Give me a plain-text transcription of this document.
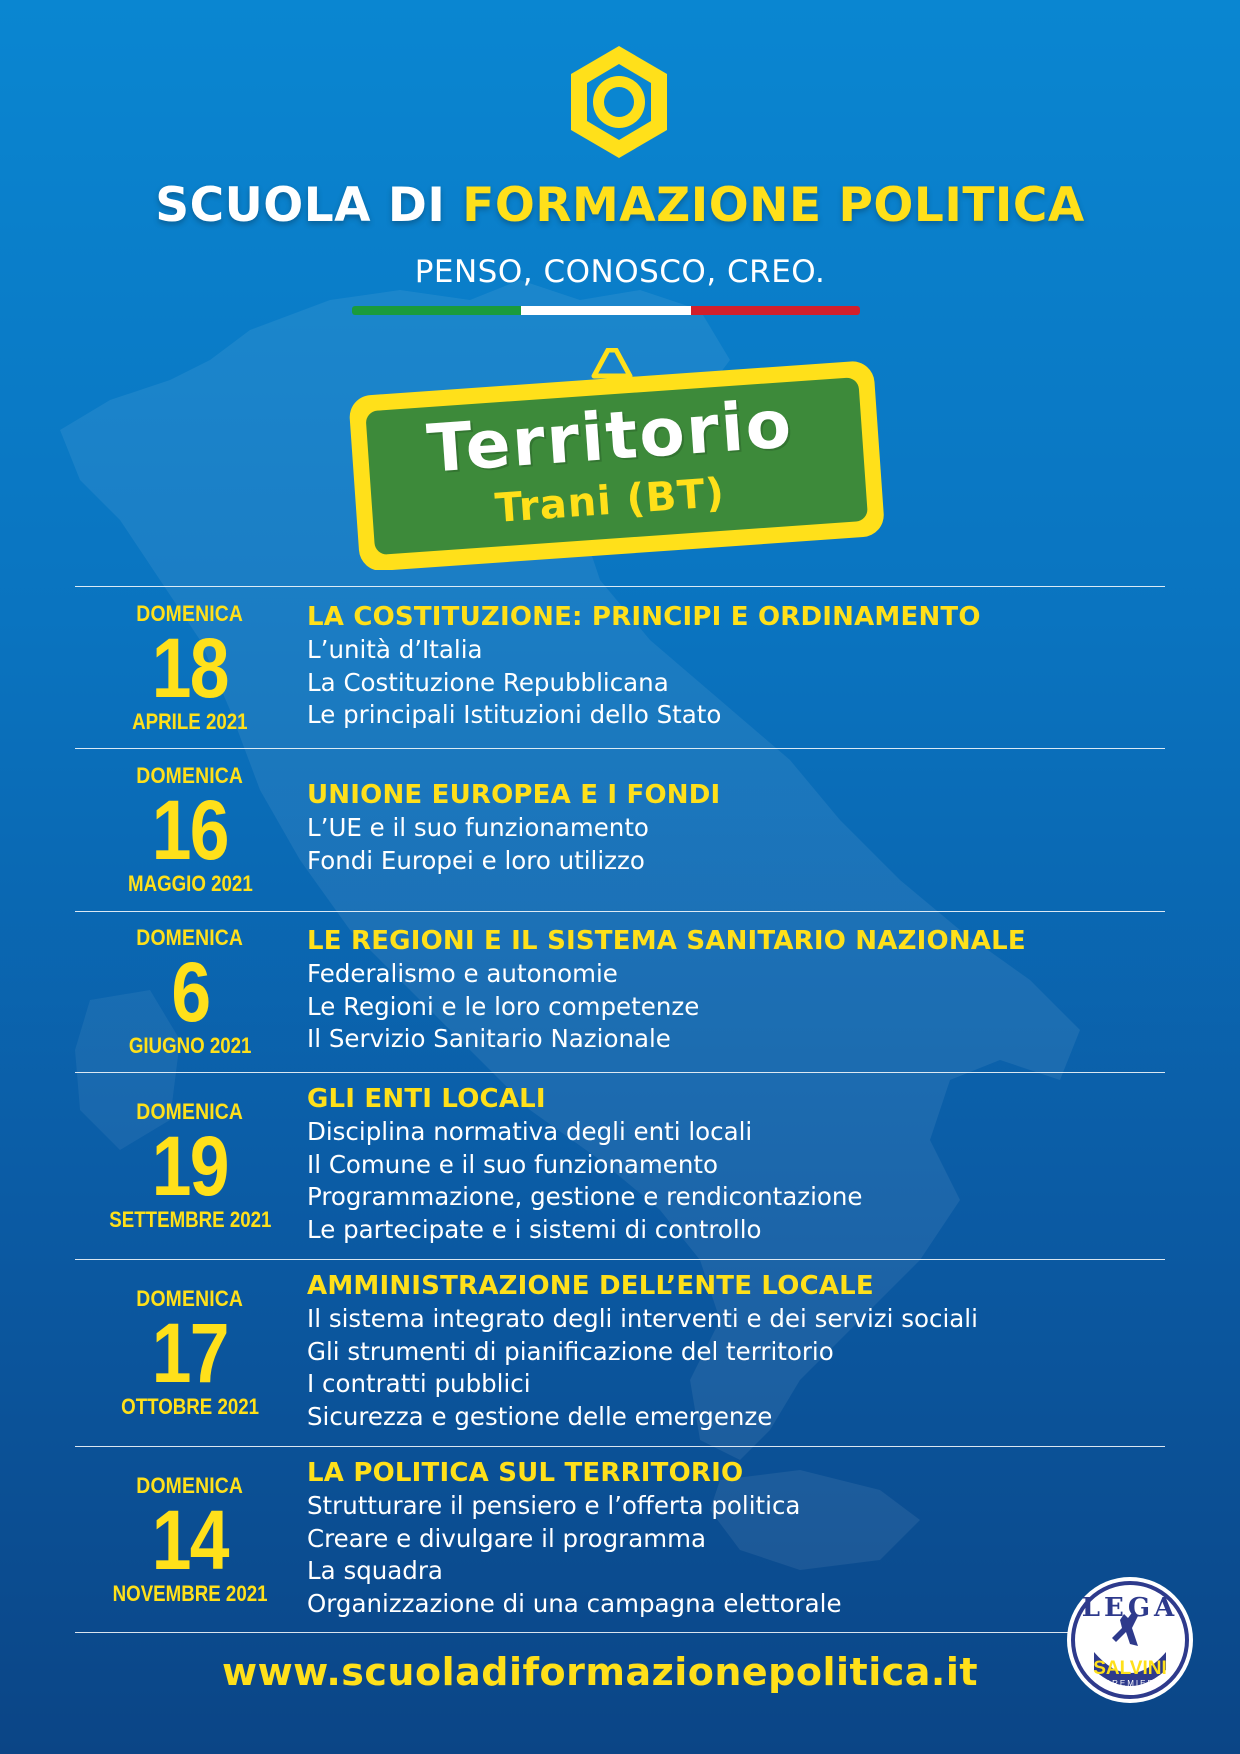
SCUOLA DI FORMAZIONE POLITICA
PENSO, CONOSCO, CREO.
Territorio
Trani (BT)
DOMENICA
18
APRILE 2021
LA COSTITUZIONE: PRINCIPI E ORDINAMENTO
L’unità d’Italia
La Costituzione Repubblicana
Le principali Istituzioni dello Stato
DOMENICA
16
MAGGIO 2021
UNIONE EUROPEA E I FONDI
L’UE e il suo funzionamento
Fondi Europei e loro utilizzo
DOMENICA
6
GIUGNO 2021
LE REGIONI E IL SISTEMA SANITARIO NAZIONALE
Federalismo e autonomie
Le Regioni e le loro competenze
Il Servizio Sanitario Nazionale
DOMENICA
19
SETTEMBRE 2021
GLI ENTI LOCALI
Disciplina normativa degli enti locali
Il Comune e il suo funzionamento
Programmazione, gestione e rendicontazione
Le partecipate e i sistemi di controllo
DOMENICA
17
OTTOBRE 2021
AMMINISTRAZIONE DELL’ENTE LOCALE
Il sistema integrato degli interventi e dei servizi sociali
Gli strumenti di pianificazione del territorio
I contratti pubblici
Sicurezza e gestione delle emergenze
DOMENICA
14
NOVEMBRE 2021
LA POLITICA SUL TERRITORIO
Strutturare il pensiero e l’offerta politica
Creare e divulgare il programma
La squadra
Organizzazione di una campagna elettorale
www.scuoladiformazionepolitica.it
LEGA
SALVINI
PREMIER
